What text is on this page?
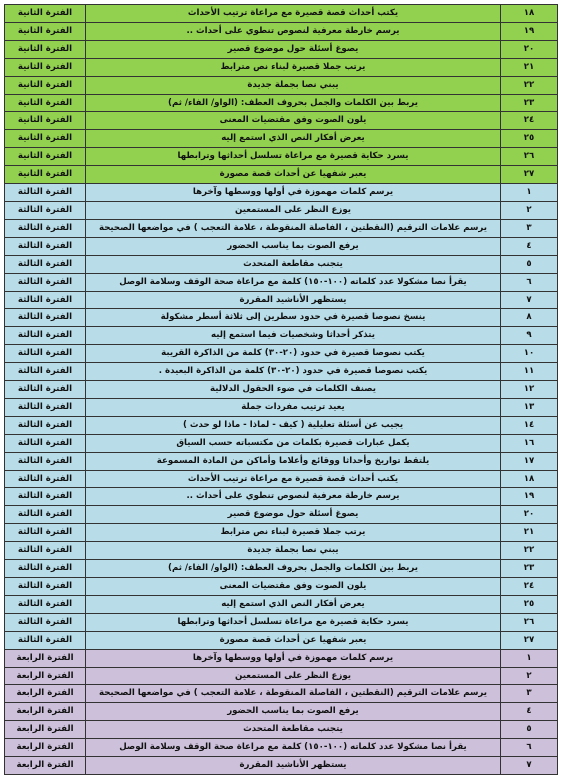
الفترة الثانية	يكتب أحداث قصة قصيرة مع مراعاة ترتيب الأحداث	١٨
الفترة الثانية	يرسم خارطة معرفية لنصوص تنطوي على أحداث ..	١٩
الفترة الثانية	يصوغ أسئلة حول موضوع قصير	٢٠
الفترة الثانية	يرتب جملا قصيرة لبناء نص مترابط	٢١
الفترة الثانية	يبني نصا بجملة جديدة	٢٢
الفترة الثانية	يربط بين الكلمات والجمل بحروف العطف: (الواو/ الفاء/ ثم)	٢٣
الفترة الثانية	يلون الصوت وفق مقتضيات المعنى	٢٤
الفترة الثانية	يعرض أفكار النص الذي استمع إليه	٢٥
الفترة الثانية	يسرد حكاية قصيرة مع مراعاة تسلسل أحداثها وترابطها	٢٦
الفترة الثانية	يعبر شفهيا عن أحداث قصة مصورة	٢٧
الفترة الثالثة	يرسم كلمات مهموزة في أولها ووسطها وآخرها	١
الفترة الثالثة	يوزع النظر على المستمعين	٢
الفترة الثالثة	يرسم علامات الترقيم (النقطتين ، الفاصلة المنقوطة ، علامة التعجب ) في مواضعها الصحيحة	٣
الفترة الثالثة	يرفع الصوت بما يناسب الحضور	٤
الفترة الثالثة	يتجنب مقاطعة المتحدث	٥
الفترة الثالثة	يقرأ نصا مشكولا عدد كلماته (١٠٠-١٥٠) كلمة مع مراعاة صحة الوقف وسلامة الوصل	٦
الفترة الثالثة	يستظهر الأناشيد المقررة	٧
الفترة الثالثة	ينسخ نصوصا قصيرة في حدود سطرين إلى ثلاثة أسطر مشكولة	٨
الفترة الثالثة	يتذكر أحداثا وشخصيات فيما استمع إليه	٩
الفترة الثالثة	يكتب نصوصا قصيرة في حدود (٢٠-٣٠) كلمة من الذاكرة القريبة	١٠
الفترة الثالثة	يكتب نصوصا قصيرة في حدود (٢٠-٣٠) كلمة من الذاكرة البعيدة .	١١
الفترة الثالثة	يصنف الكلمات في ضوء الحقول الدلالية	١٢
الفترة الثالثة	يعيد ترتيب مفردات جملة	١٣
الفترة الثالثة	يجيب عن أسئلة تعليلية ( كيف - لماذا - ماذا لو حدث )	١٤
الفترة الثالثة	يكمل عبارات قصيرة بكلمات من مكتسباته حسب السياق	١٦
الفترة الثالثة	يلتقط تواريخ وأحداثا ووقائع وأعلاما وأماكن من المادة المسموعة	١٧
الفترة الثالثة	يكتب أحداث قصة قصيرة مع مراعاة ترتيب الأحداث	١٨
الفترة الثالثة	يرسم خارطة معرفية لنصوص تنطوي على أحداث ..	١٩
الفترة الثالثة	يصوغ أسئلة حول موضوع قصير	٢٠
الفترة الثالثة	يرتب جملا قصيرة لبناء نص مترابط	٢١
الفترة الثالثة	يبني نصا بجملة جديدة	٢٢
الفترة الثالثة	يربط بين الكلمات والجمل بحروف العطف: (الواو/ الفاء/ ثم)	٢٣
الفترة الثالثة	يلون الصوت وفق مقتضيات المعنى	٢٤
الفترة الثالثة	يعرض أفكار النص الذي استمع إليه	٢٥
الفترة الثالثة	يسرد حكاية قصيرة مع مراعاة تسلسل أحداثها وترابطها	٢٦
الفترة الثالثة	يعبر شفهيا عن أحداث قصة مصورة	٢٧
الفترة الرابعة	يرسم كلمات مهموزة في أولها ووسطها وآخرها	١
الفترة الرابعة	يوزع النظر على المستمعين	٢
الفترة الرابعة	يرسم علامات الترقيم (النقطتين ، الفاصلة المنقوطة ، علامة التعجب ) في مواضعها الصحيحة	٣
الفترة الرابعة	يرفع الصوت بما يناسب الحضور	٤
الفترة الرابعة	يتجنب مقاطعة المتحدث	٥
الفترة الرابعة	يقرأ نصا مشكولا عدد كلماته (١٠٠-١٥٠) كلمة مع مراعاة صحة الوقف وسلامة الوصل	٦
الفترة الرابعة	يستظهر الأناشيد المقررة	٧
